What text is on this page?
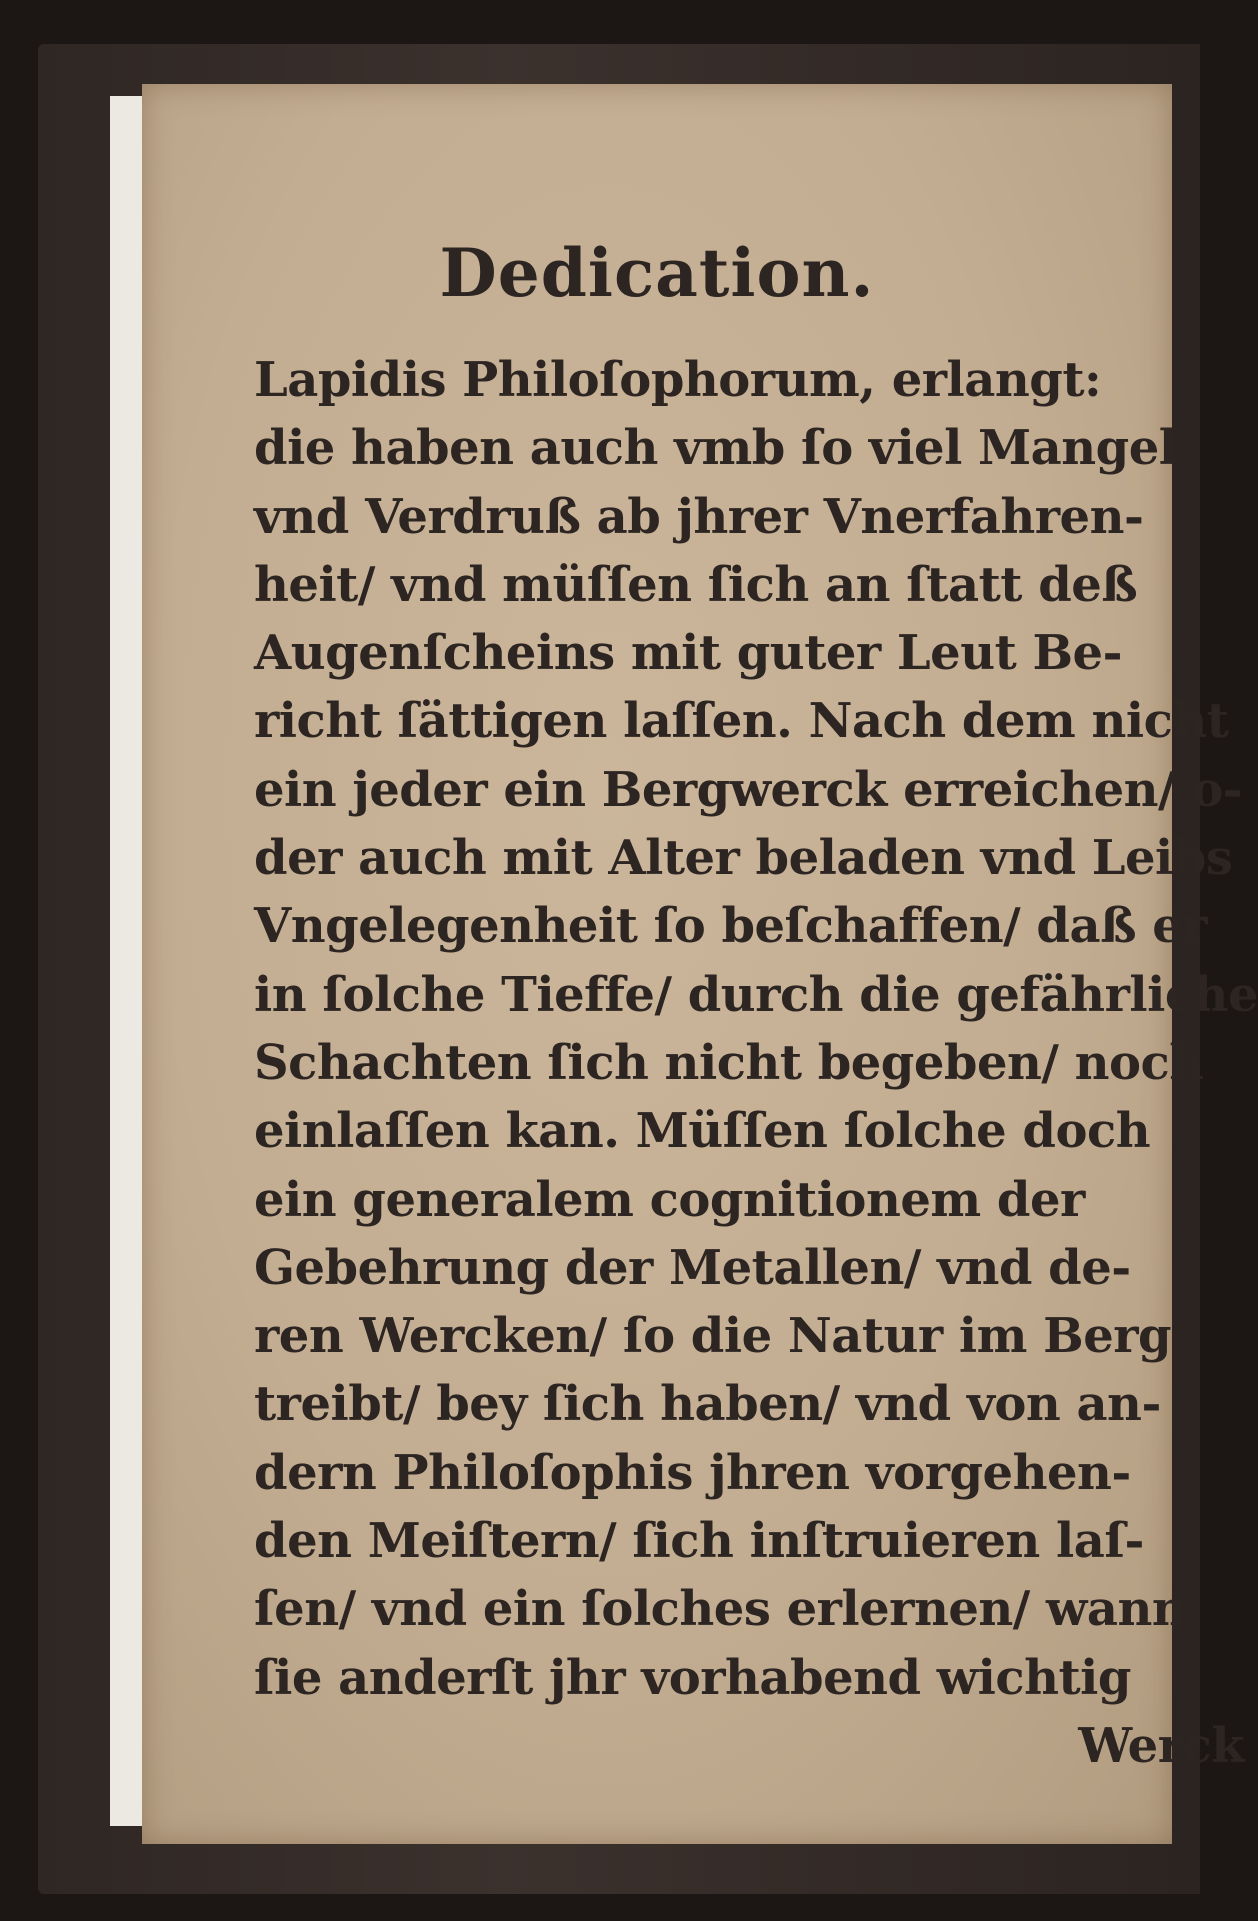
Dedication.
Lapidis Philoſophorum, erlangt:
die haben auch vmb ſo viel Mangel
vnd Verdruß ab jhrer Vnerfahren-
heit/ vnd müſſen ſich an ſtatt deß
Augenſcheins mit guter Leut Be-
richt ſättigen laſſen. Nach dem nicht
ein jeder ein Bergwerck erreichen/ o-
der auch mit Alter beladen vnd Leibs
Vngelegenheit ſo beſchaffen/ daß er
in ſolche Tieffe/ durch die gefährliche
Schachten ſich nicht begeben/ noch
einlaſſen kan. Müſſen ſolche doch
ein generalem cognitionem der
Gebehrung der Metallen/ vnd de-
ren Wercken/ ſo die Natur im Berg
treibt/ bey ſich haben/ vnd von an-
dern Philoſophis jhren vorgehen-
den Meiſtern/ ſich inſtruieren laſ-
ſen/ vnd ein ſolches erlernen/ wann
ſie anderſt jhr vorhabend wichtig
Werck
